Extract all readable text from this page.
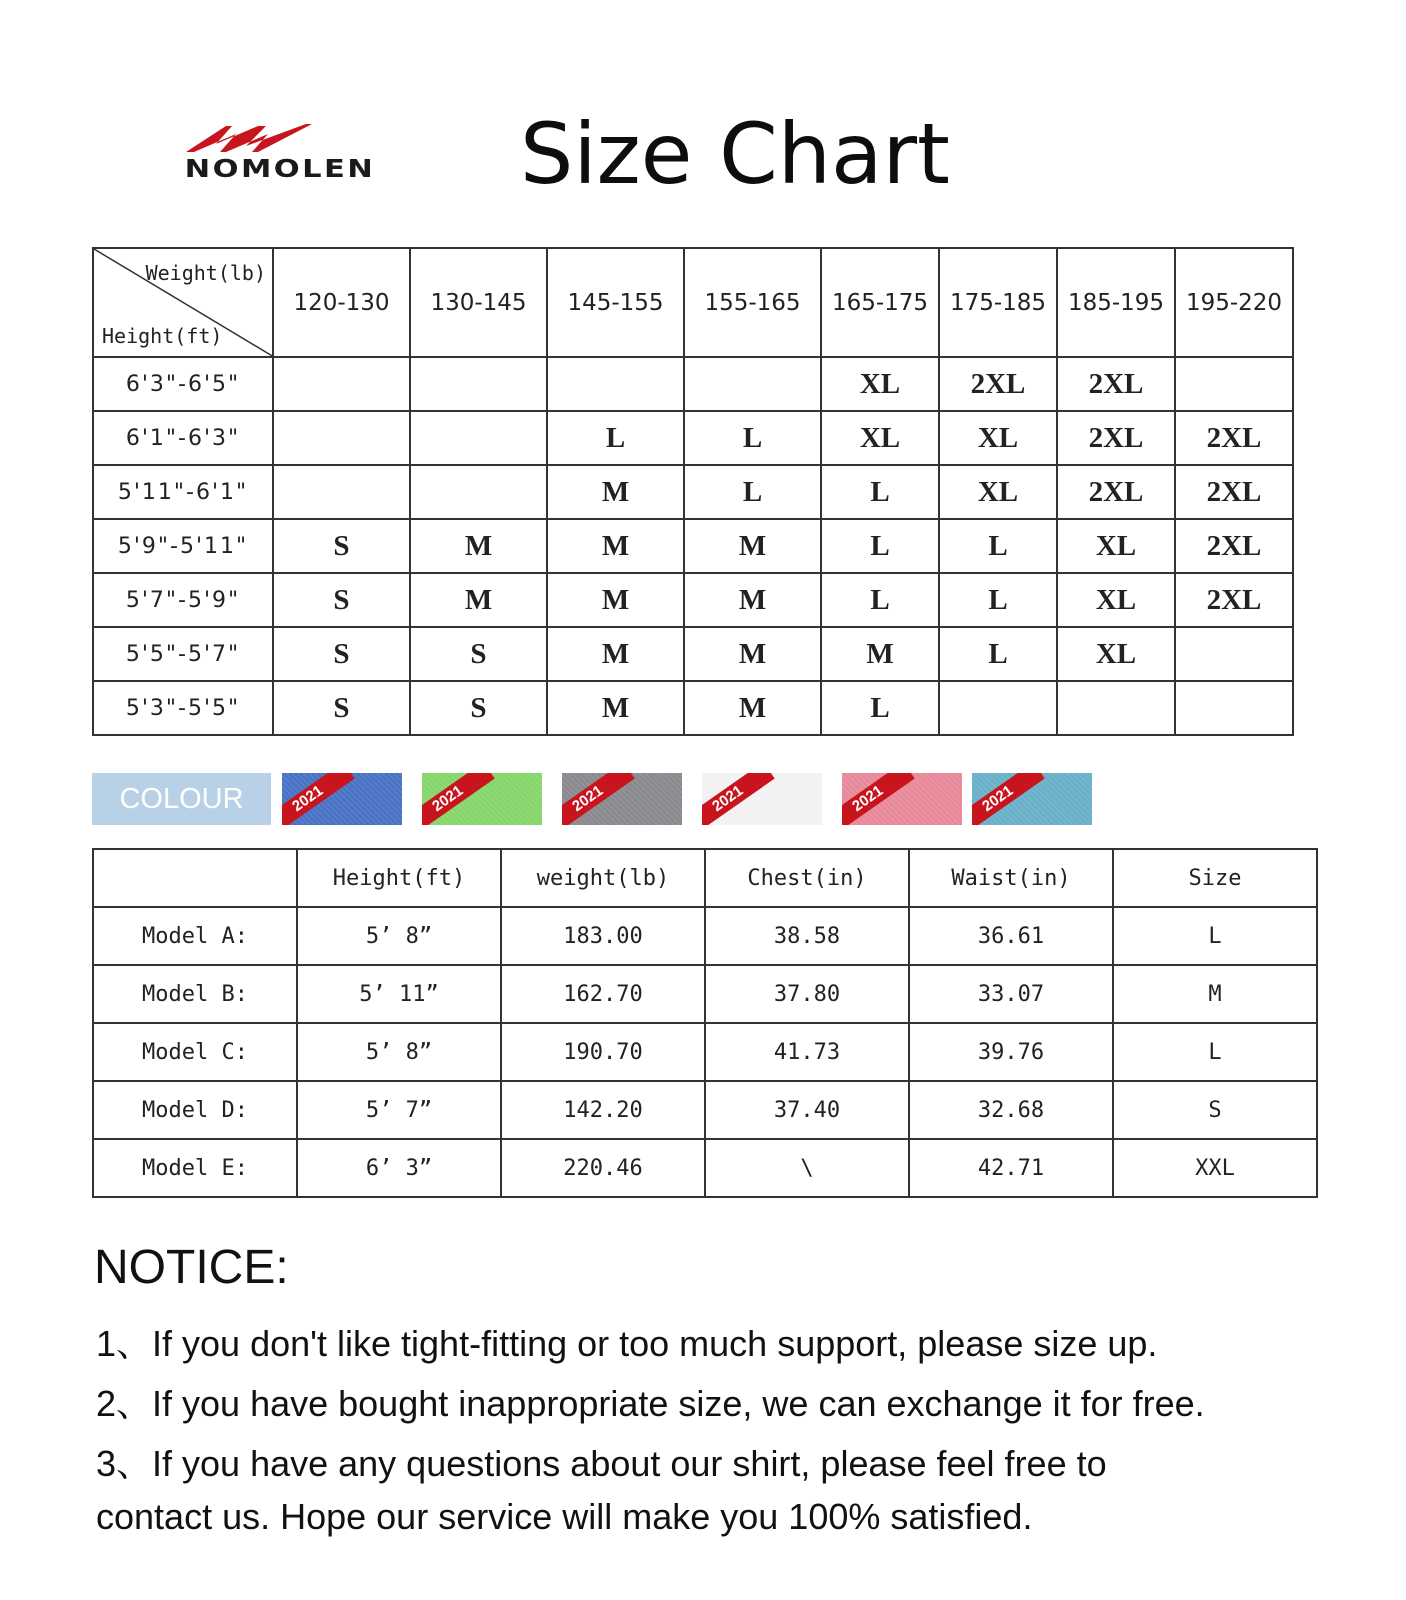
NOMOLEN	Size Chart
Weight(lb)
Height(ft)	120-130	130-145	145-155	155-165	165-175	175-185	185-195	195-220
6'3"-6'5"					XL	2XL	2XL	
6'1"-6'3"			L	L	XL	XL	2XL	2XL
5'11"-6'1"			M	L	L	XL	2XL	2XL
5'9"-5'11"	S	M	M	M	L	L	XL	2XL
5'7"-5'9"	S	M	M	M	L	L	XL	2XL
5'5"-5'7"	S	S	M	M	M	L	XL	
5'3"-5'5"	S	S	M	M	L			
COLOUR	2021	2021	2021	2021	2021	2021
	Height(ft)	weight(lb)	Chest(in)	Waist(in)	Size
Model A:	5’ 8”	183.00	38.58	36.61	L
Model B:	5’ 11”	162.70	37.80	33.07	M
Model C:	5’ 8”	190.70	41.73	39.76	L
Model D:	5’ 7”	142.20	37.40	32.68	S
Model E:	6’ 3”	220.46	\	42.71	XXL
NOTICE:
1、If you don't like tight-fitting or too much support, please size up.
2、If you have bought inappropriate size, we can exchange it for free.
3、If you have any questions about our shirt, please feel free to
contact us. Hope our service will make you 100% satisfied.
